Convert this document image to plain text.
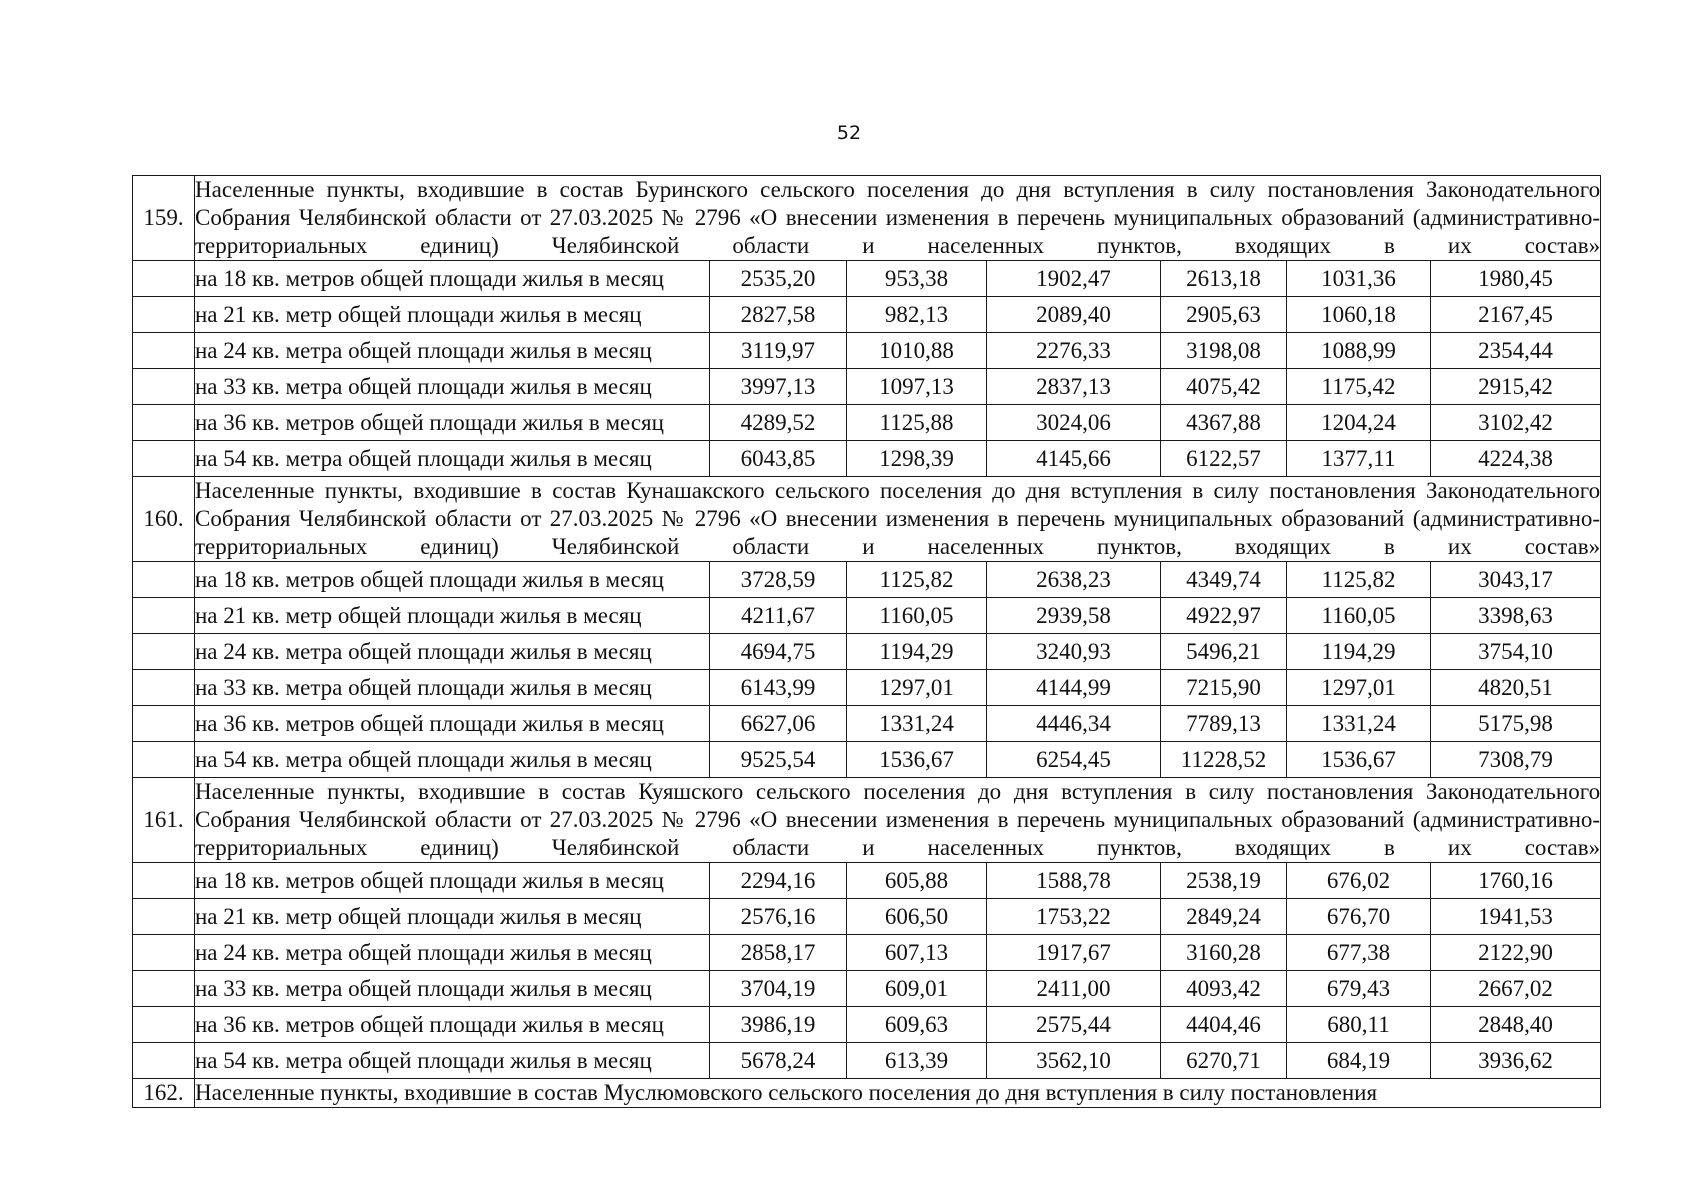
52
159.	Населенные пункты, входившие в состав Буринского сельского поселения до дня вступления в силу постановления Законодательного Собрания Челябинской области от 27.03.2025 № 2796 «О внесении изменения в перечень муниципальных образований (административно-территориальных единиц) Челябинской области и населенных пунктов, входящих в их состав»						
	на 18 кв. метров общей площади жилья в месяц	2535,20	953,38	1902,47	2613,18	1031,36	1980,45
	на 21 кв. метр общей площади жилья в месяц	2827,58	982,13	2089,40	2905,63	1060,18	2167,45
	на 24 кв. метра общей площади жилья в месяц	3119,97	1010,88	2276,33	3198,08	1088,99	2354,44
	на 33 кв. метра общей площади жилья в месяц	3997,13	1097,13	2837,13	4075,42	1175,42	2915,42
	на 36 кв. метров общей площади жилья в месяц	4289,52	1125,88	3024,06	4367,88	1204,24	3102,42
	на 54 кв. метра общей площади жилья в месяц	6043,85	1298,39	4145,66	6122,57	1377,11	4224,38
160.	Населенные пункты, входившие в состав Кунашакского сельского поселения до дня вступления в силу постановления Законодательного Собрания Челябинской области от 27.03.2025 № 2796 «О внесении изменения в перечень муниципальных образований (административно-территориальных единиц) Челябинской области и населенных пунктов, входящих в их состав»						
	на 18 кв. метров общей площади жилья в месяц	3728,59	1125,82	2638,23	4349,74	1125,82	3043,17
	на 21 кв. метр общей площади жилья в месяц	4211,67	1160,05	2939,58	4922,97	1160,05	3398,63
	на 24 кв. метра общей площади жилья в месяц	4694,75	1194,29	3240,93	5496,21	1194,29	3754,10
	на 33 кв. метра общей площади жилья в месяц	6143,99	1297,01	4144,99	7215,90	1297,01	4820,51
	на 36 кв. метров общей площади жилья в месяц	6627,06	1331,24	4446,34	7789,13	1331,24	5175,98
	на 54 кв. метра общей площади жилья в месяц	9525,54	1536,67	6254,45	11228,52	1536,67	7308,79
161.	Населенные пункты, входившие в состав Куяшского сельского поселения до дня вступления в силу постановления Законодательного Собрания Челябинской области от 27.03.2025 № 2796 «О внесении изменения в перечень муниципальных образований (административно-территориальных единиц) Челябинской области и населенных пунктов, входящих в их состав»						
	на 18 кв. метров общей площади жилья в месяц	2294,16	605,88	1588,78	2538,19	676,02	1760,16
	на 21 кв. метр общей площади жилья в месяц	2576,16	606,50	1753,22	2849,24	676,70	1941,53
	на 24 кв. метра общей площади жилья в месяц	2858,17	607,13	1917,67	3160,28	677,38	2122,90
	на 33 кв. метра общей площади жилья в месяц	3704,19	609,01	2411,00	4093,42	679,43	2667,02
	на 36 кв. метров общей площади жилья в месяц	3986,19	609,63	2575,44	4404,46	680,11	2848,40
	на 54 кв. метра общей площади жилья в месяц	5678,24	613,39	3562,10	6270,71	684,19	3936,62
162.	Населенные пункты, входившие в состав Муслюмовского сельского поселения до дня вступления в силу постановления						
